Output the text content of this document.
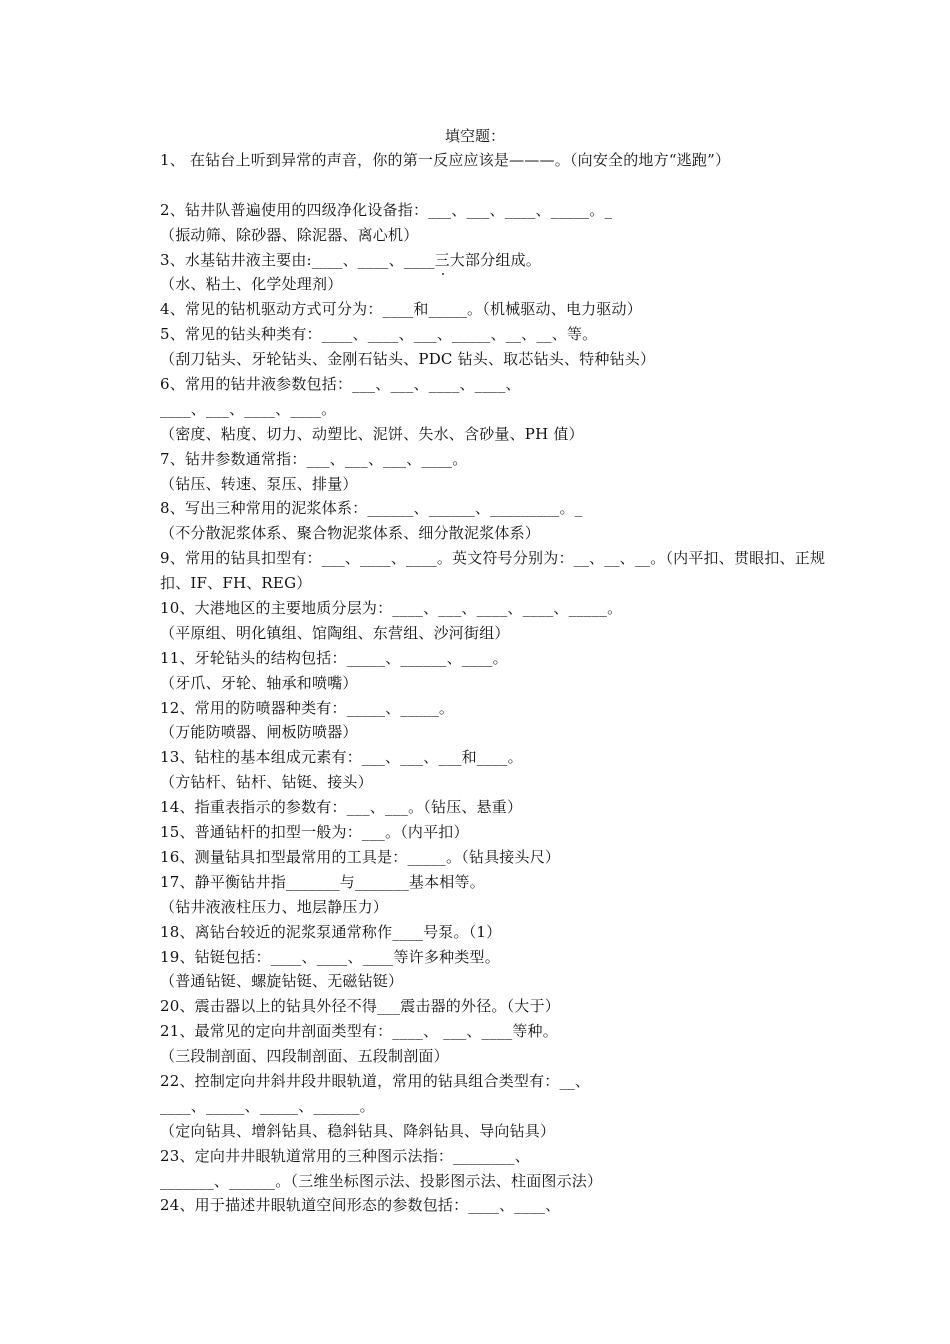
填空题：
1、 在钻台上听到异常的声音，你的第一反应应该是———。（向安全的地方“逃跑”）
2、钻井队普遍使用的四级净化设备指：___、___、____、_____。_
（振动筛、除砂器、除泥器、离心机）
3、水基钻井液主要由:____、____、____三大部分组成。
（水、粘土、化学处理剂）
4、常见的钻机驱动方式可分为：____和_____。（机械驱动、电力驱动）
5、常见的钻头种类有：____、____、___、_____、__、__、等。
（刮刀钻头、牙轮钻头、金刚石钻头、PDC 钻头、取芯钻头、特种钻头）
6、常用的钻井液参数包括：___、___、____、____、
____、___、____、____。
（密度、粘度、切力、动塑比、泥饼、失水、含砂量、PH 值）
7、钻井参数通常指：___、___、___、____。
（钻压、转速、泵压、排量）
8、写出三种常用的泥浆体系：______、______、_________。_
（不分散泥浆体系、聚合物泥浆体系、细分散泥浆体系）
9、常用的钻具扣型有：___、____、____。英文符号分别为：__、__、__。（内平扣、贯眼扣、正规
扣、IF、FH、REG）
10、大港地区的主要地质分层为：____、___、____、____、_____。
（平原组、明化镇组、馆陶组、东营组、沙河街组）
11、牙轮钻头的结构包括：_____、______、____。
（牙爪、牙轮、轴承和喷嘴）
12、常用的防喷器种类有：_____、_____。
（万能防喷器、闸板防喷器）
13、钻柱的基本组成元素有：___、___、___和____。
（方钻杆、钻杆、钻铤、接头）
14、指重表指示的参数有：___、___。（钻压、悬重）
15、普通钻杆的扣型一般为：___。（内平扣）
16、测量钻具扣型最常用的工具是：_____。（钻具接头尺）
17、静平衡钻井指_______与_______基本相等。
（钻井液液柱压力、地层静压力）
18、离钻台较近的泥浆泵通常称作____号泵。（1）
19、钻铤包括：____、____、____等许多种类型。
（普通钻铤、螺旋钻铤、无磁钻铤）
20、震击器以上的钻具外径不得___震击器的外径。（大于）
21、最常见的定向井剖面类型有：____、 ___、____等种。
（三段制剖面、四段制剖面、五段制剖面）
22、控制定向井斜井段井眼轨道，常用的钻具组合类型有：__、
____、_____、_____、______。
（定向钻具、增斜钻具、稳斜钻具、降斜钻具、导向钻具）
23、定向井井眼轨道常用的三种图示法指：________、
_______、______。（三维坐标图示法、投影图示法、柱面图示法）
24、用于描述井眼轨道空间形态的参数包括：____、____、
